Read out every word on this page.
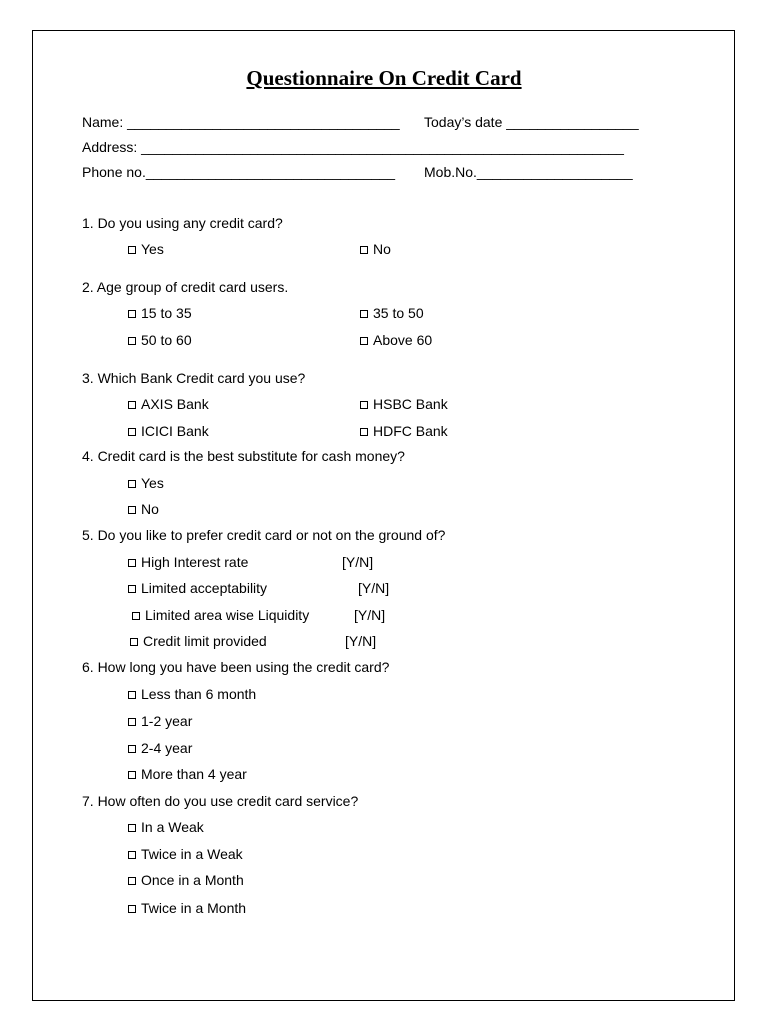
Questionnaire On Credit Card
Name: ___________________________________ Today’s date _________________
Address: ______________________________________________________________
Phone no.________________________________ Mob.No.____________________
1. Do you using any credit card?
Yes	No
2. Age group of credit card users.
15 to 35	35 to 50
50 to 60	Above 60
3. Which Bank Credit card you use?
AXIS Bank	HSBC Bank
ICICI Bank	HDFC Bank
4. Credit card is the best substitute for cash money?
Yes
No
5. Do you like to prefer credit card or not on the ground of?
High Interest rate	[Y/N]
Limited acceptability	[Y/N]
Limited area wise Liquidity	[Y/N]
Credit limit provided	[Y/N]
6. How long you have been using the credit card?
Less than 6 month
1-2 year
2-4 year
More than 4 year
7. How often do you use credit card service?
In a Weak
Twice in a Weak
Once in a Month
Twice in a Month
